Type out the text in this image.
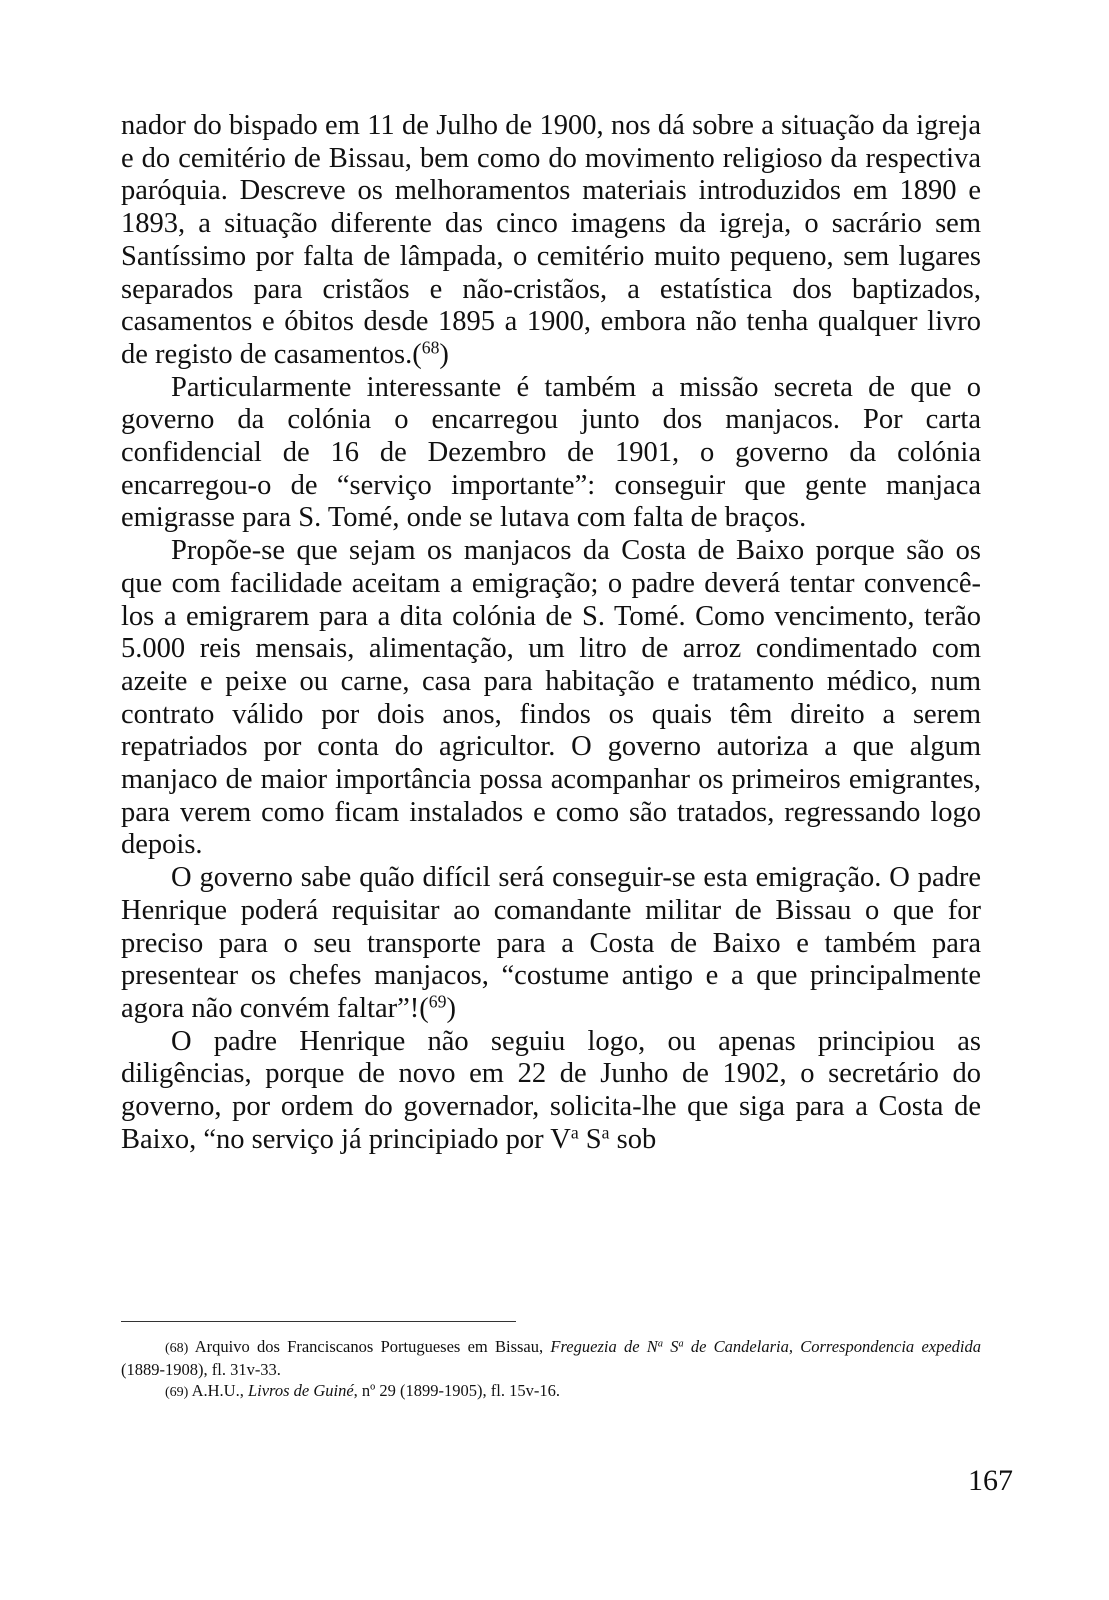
nador do bispado em 11 de Julho de 1900, nos dá sobre a situação da igreja e do cemitério de Bissau, bem como do movimento religioso da respectiva paróquia. Descreve os melhoramentos materiais introduzidos em 1890 e 1893, a situação diferente das cinco imagens da igreja, o sacrário sem Santíssimo por falta de lâmpada, o cemitério muito pequeno, sem lugares separados para cristãos e não-cristãos, a estatística dos baptizados, casamentos e óbitos desde 1895 a 1900, embora não tenha qualquer livro de registo de casamentos.($^{68}$)

Particularmente interessante é também a missão secreta de que o governo da colónia o encarregou junto dos manjacos. Por carta confidencial de 16 de Dezembro de 1901, o governo da colónia encarregou-o de “serviço importante”: conseguir que gente manjaca emigrasse para S. Tomé, onde se lutava com falta de braços.

Propõe-se que sejam os manjacos da Costa de Baixo porque são os que com facilidade aceitam a emigração; o padre deverá tentar convencê-los a emigrarem para a dita colónia de S. Tomé. Como vencimento, terão 5.000 reis mensais, alimentação, um litro de arroz condimentado com azeite e peixe ou carne, casa para habitação e tratamento médico, num contrato válido por dois anos, findos os quais têm direito a serem repatriados por conta do agricultor. O governo autoriza a que algum manjaco de maior importância possa acompanhar os primeiros emigrantes, para verem como ficam instalados e como são tratados, regressando logo depois.

O governo sabe quão difícil será conseguir-se esta emigração. O padre Henrique poderá requisitar ao comandante militar de Bissau o que for preciso para o seu transporte para a Costa de Baixo e também para presentear os chefes manjacos, “costume antigo e a que principalmente agora não convém faltar”!($^{69}$)

O padre Henrique não seguiu logo, ou apenas principiou as diligências, porque de novo em 22 de Junho de 1902, o secretário do governo, por ordem do governador, solicita-lhe que siga para a Costa de Baixo, “no serviço já principiado por $V^a$ $S^a$ sob

(68) Arquivo dos Franciscanos Portugueses em Bissau, Freguezia de $N^a$ $S^a$ de Candelaria, Correspondencia expedida (1889-1908), fl. 31v-33.

(69) A.H.U., Livros de Guiné, nº 29 (1899-1905), fl. 15v-16.

167
